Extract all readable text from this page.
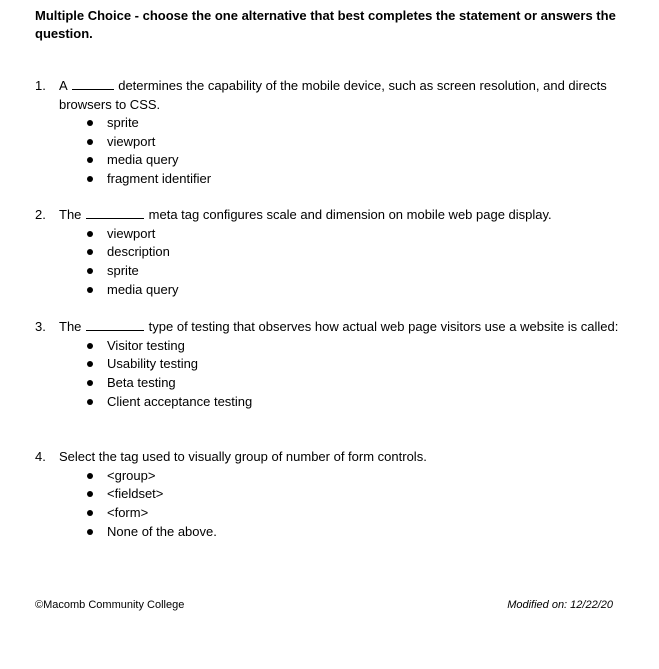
Multiple Choice - choose the one alternative that best completes the statement or answers the question.
1. A	determines the capability of the mobile device, such as screen resolution, and directs browsers to CSS.
sprite
viewport
media query
fragment identifier
2. The	meta tag configures scale and dimension on mobile web page display.
viewport
description
sprite
media query
3. The	type of testing that observes how actual web page visitors use a website is called:
Visitor testing
Usability testing
Beta testing
Client acceptance testing
4. Select the tag used to visually group of number of form controls.
<group>
<fieldset>
<form>
None of the above.
©Macomb Community College	Modified on: 12/22/20
